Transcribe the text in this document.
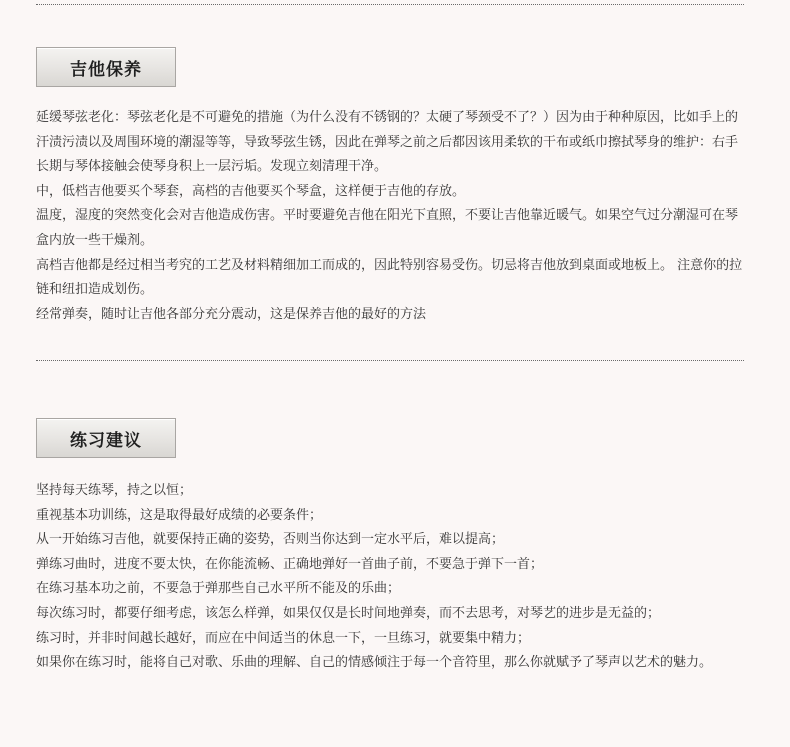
吉他保养

延缓琴弦老化：琴弦老化是不可避免的措施（为什么没有不锈钢的？太硬了琴颈受不了？）因为由于种种原因，比如手上的汗渍污渍以及周围环境的潮湿等等，导致琴弦生锈，因此在弹琴之前之后都因该用柔软的干布或纸巾擦拭琴身的维护：右手长期与琴体接触会使琴身积上一层污垢。发现立刻清理干净。

中，低档吉他要买个琴套，高档的吉他要买个琴盒，这样便于吉他的存放。

温度，湿度的突然变化会对吉他造成伤害。平时要避免吉他在阳光下直照，不要让吉他靠近暖气。如果空气过分潮湿可在琴盒内放一些干燥剂。

高档吉他都是经过相当考究的工艺及材料精细加工而成的，因此特别容易受伤。切忌将吉他放到桌面或地板上。 注意你的拉链和纽扣造成划伤。

经常弹奏，随时让吉他各部分充分震动，这是保养吉他的最好的方法

练习建议

坚持每天练琴，持之以恒；

重视基本功训练，这是取得最好成绩的必要条件；

从一开始练习吉他，就要保持正确的姿势，否则当你达到一定水平后，难以提高；

弹练习曲时，进度不要太快，在你能流畅、正确地弹好一首曲子前，不要急于弹下一首；

在练习基本功之前，不要急于弹那些自己水平所不能及的乐曲；

每次练习时，都要仔细考虑，该怎么样弹，如果仅仅是长时间地弹奏，而不去思考，对琴艺的进步是无益的；

练习时，并非时间越长越好，而应在中间适当的休息一下，一旦练习，就要集中精力；

如果你在练习时，能将自己对歌、乐曲的理解、自己的情感倾注于每一个音符里，那么你就赋予了琴声以艺术的魅力。
